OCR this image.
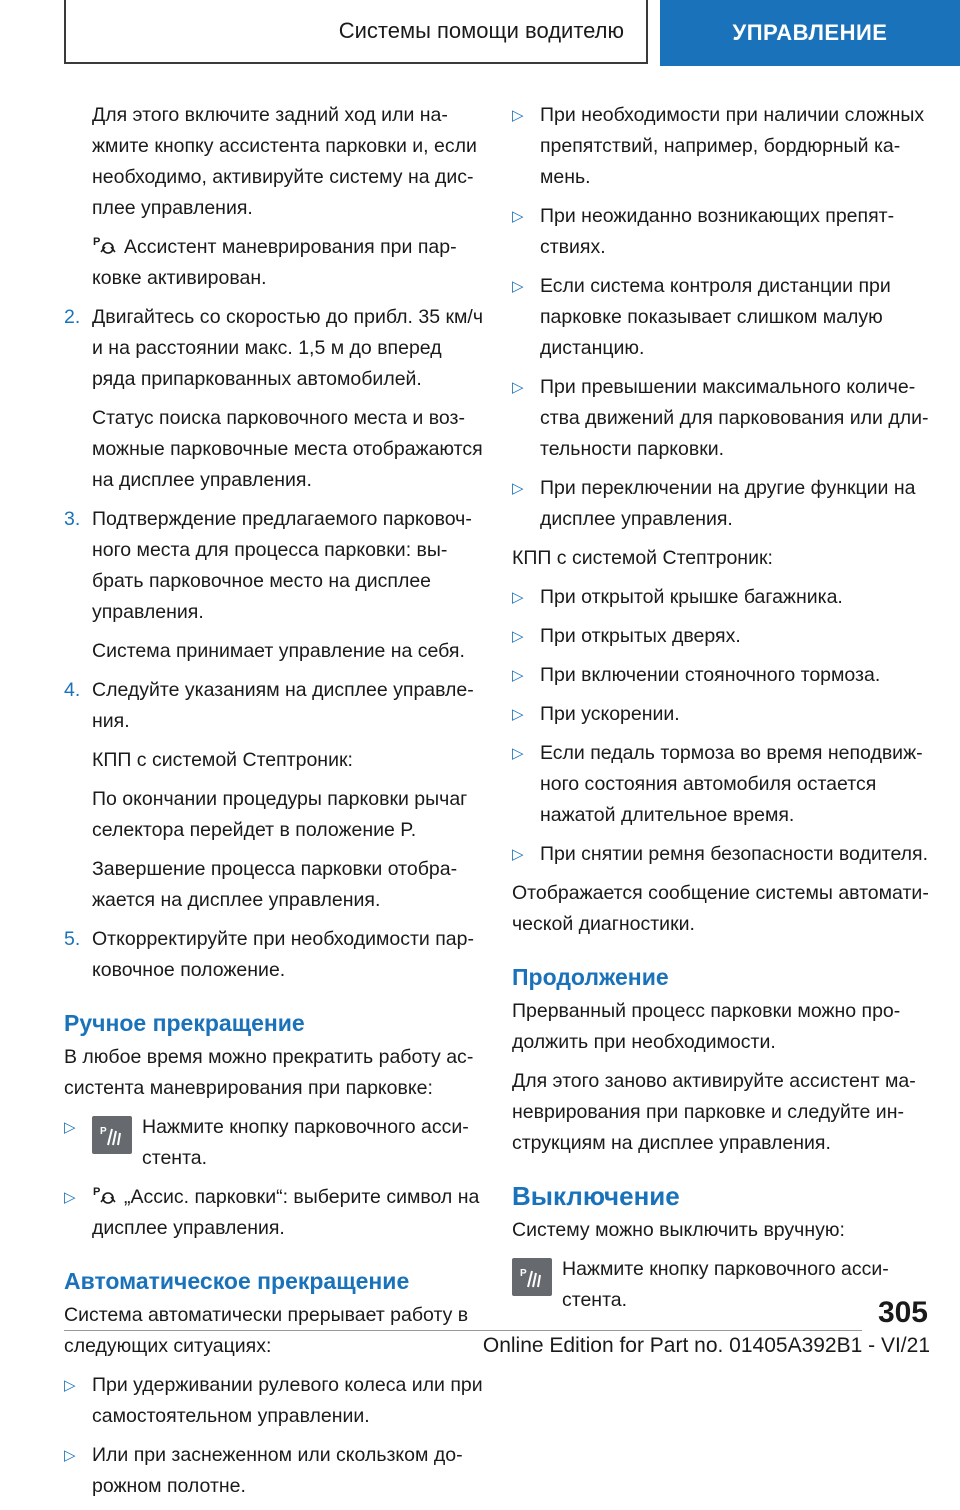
Системы помощи водителю	УПРАВЛЕНИЕ

Для этого включите задний ход или нажмите кнопку ассистента парковки и, если необходимо, активируйте систему на дисплее управления.

P Ассистент маневрирования при парковке активирован.

2. Двигайтесь со скоростью до прибл. 35 км/ч и на расстоянии макс. 1,5 м до вперед ряда припаркованных автомобилей.

Статус поиска парковочного места и возможные парковочные места отображаются на дисплее управления.

3. Подтверждение предлагаемого парковочного места для процесса парковки: выбрать парковочное место на дисплее управления.

Система принимает управление на себя.

4. Следуйте указаниям на дисплее управления.

КПП с системой Стептроник:

По окончании процедуры парковки рычаг селектора перейдет в положение P.

Завершение процесса парковки отображается на дисплее управления.

5. Откорректируйте при необходимости парковочное положение.

Ручное прекращение

В любое время можно прекратить работу ассистента маневрирования при парковке:

▷	P Нажмите кнопку парковочного ассистента.
▷	P „Ассис. парковки“: выберите символ на дисплее управления.
Автоматическое прекращение

Система автоматически прерывает работу в следующих ситуациях:

▷ При удерживании рулевого колеса или при самостоятельном управлении.
▷ Или при заснеженном или скользком дорожном полотне.
▷ При необходимости при наличии сложных препятствий, например, бордюрный камень.
▷ При неожиданно возникающих препятствиях.
▷ Если система контроля дистанции при парковке показывает слишком малую дистанцию.
▷ При превышении максимального количества движений для парковования или длительности парковки.
▷ При переключении на другие функции на дисплее управления.

КПП с системой Стептроник:

▷ При открытой крышке багажника.
▷ При открытых дверях.
▷ При включении стояночного тормоза.
▷ При ускорении.
▷ Если педаль тормоза во время неподвижного состояния автомобиля остается нажатой длительное время.
▷ При снятии ремня безопасности водителя.

Отображается сообщение системы автоматической диагностики.

Продолжение

Прерванный процесс парковки можно продолжить при необходимости.

Для этого заново активируйте ассистент маневрирования при парковке и следуйте инструкциям на дисплее управления.

Выключение

Систему можно выключить вручную:

P Нажмите кнопку парковочного ассистента.	305
Online Edition for Part no. 01405A392B1 - VI/21
